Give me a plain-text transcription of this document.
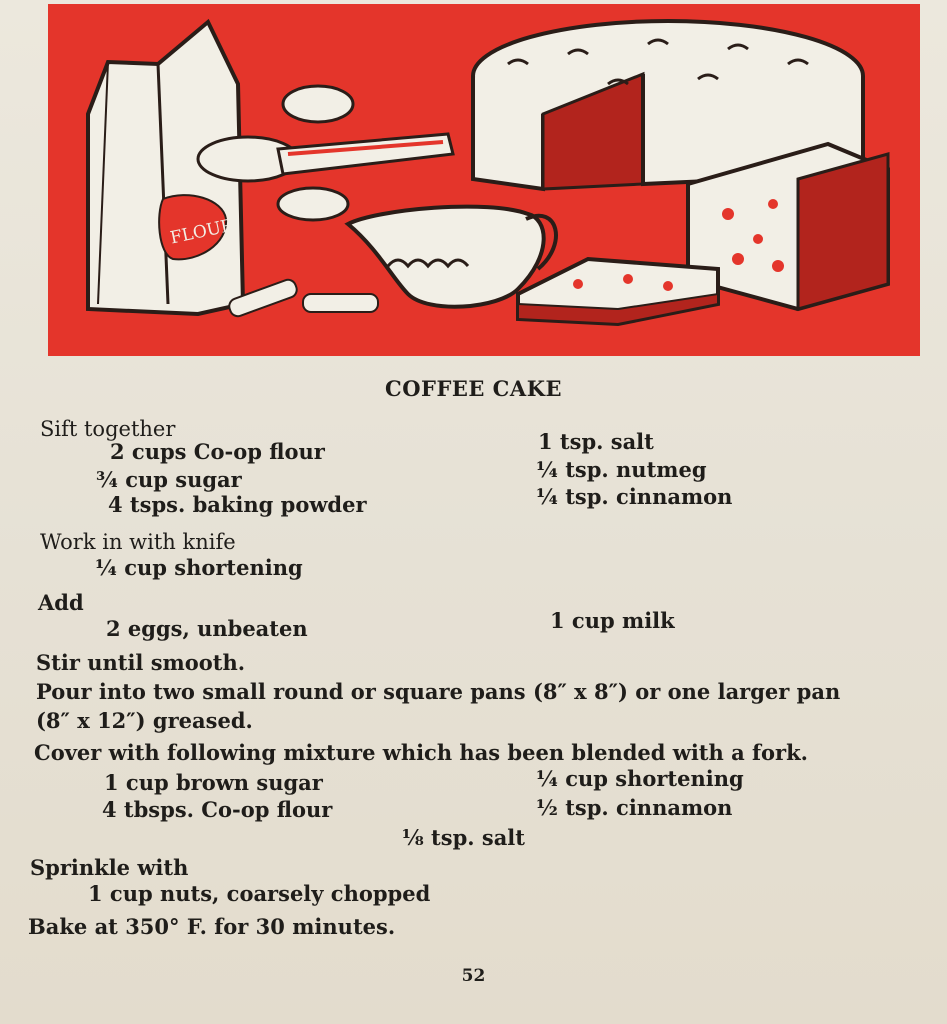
FLOUR
COFFEE CAKE
Sift together
2 cups Co-op flour	1 tsp. salt
¾ cup sugar	¼ tsp. nutmeg
4 tsps. baking powder	¼ tsp. cinnamon
Work in with knife
¼ cup shortening
Add
2 eggs, unbeaten	1 cup milk
Stir until smooth.
Pour into two small round or square pans (8″ x 8″) or one larger pan
(8″ x 12″) greased.
Cover with following mixture which has been blended with a fork.
1 cup brown sugar	¼ cup shortening
4 tbsps. Co-op flour	½ tsp. cinnamon
⅛ tsp. salt
Sprinkle with
1 cup nuts, coarsely chopped
Bake at 350° F. for 30 minutes.
52
